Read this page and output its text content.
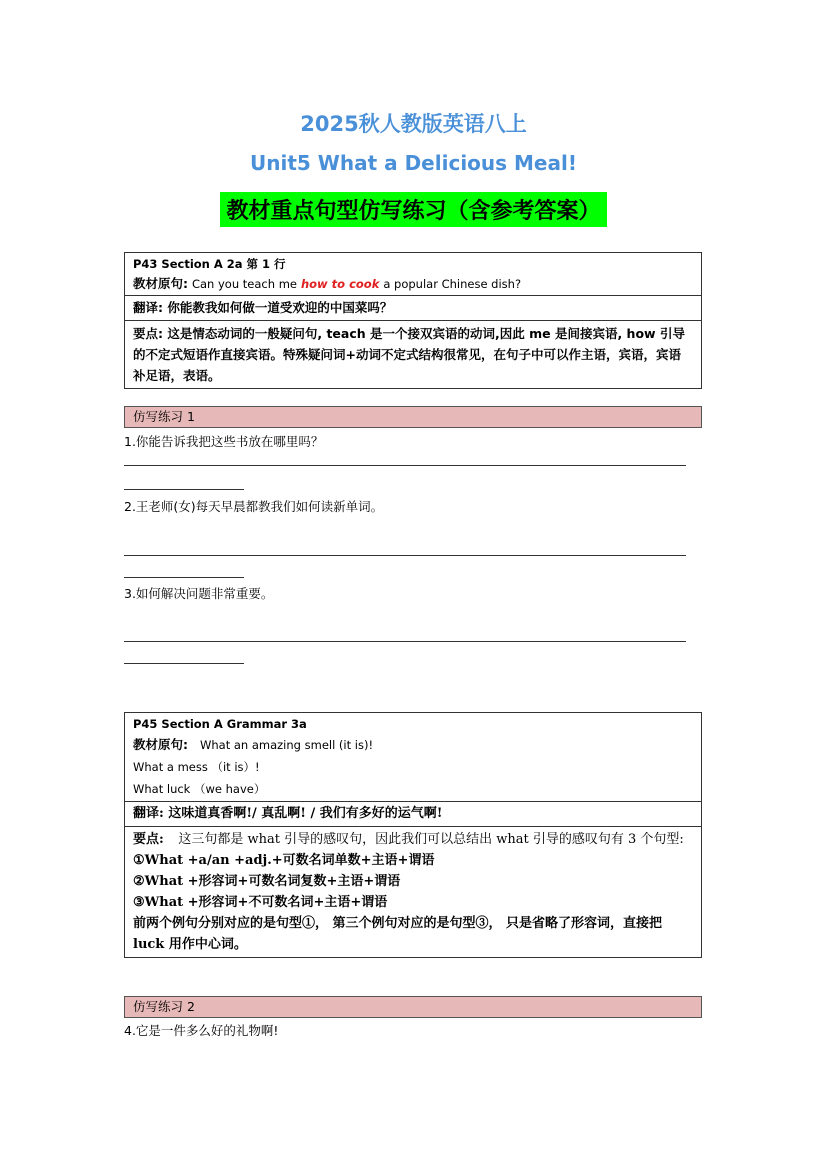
2025秋人教版英语八上
Unit5 What a Delicious Meal!
教材重点句型仿写练习（含参考答案）
P43 Section A 2a 第 1 行
教材原句: Can you teach me how to cook a popular Chinese dish?
翻译: 你能教我如何做一道受欢迎的中国菜吗？
要点: 这是情态动词的一般疑问句, teach 是一个接双宾语的动词,因此 me 是间接宾语, how 引导的不定式短语作直接宾语。特殊疑问词+动词不定式结构很常见，在句子中可以作主语，宾语，宾语补足语，表语。
仿写练习 1
1.你能告诉我把这些书放在哪里吗？
2.王老师(女)每天早晨都教我们如何读新单词。
3.如何解决问题非常重要。
P45 Section A Grammar 3a
教材原句: What an amazing smell (it is)!
What a mess （it is）!
What luck （we have）
翻译: 这味道真香啊!/ 真乱啊! / 我们有多好的运气啊!
要点: 这三句都是 what 引导的感叹句，因此我们可以总结出 what 引导的感叹句有 3 个句型:
①What +a/an +adj.+可数名词单数+主语+谓语
②What +形容词+可数名词复数+主语+谓语
③What +形容词+不可数名词+主语+谓语
前两个例句分别对应的是句型①， 第三个例句对应的是句型③， 只是省略了形容词，直接把 luck 用作中心词。
仿写练习 2
4.它是一件多么好的礼物啊!
